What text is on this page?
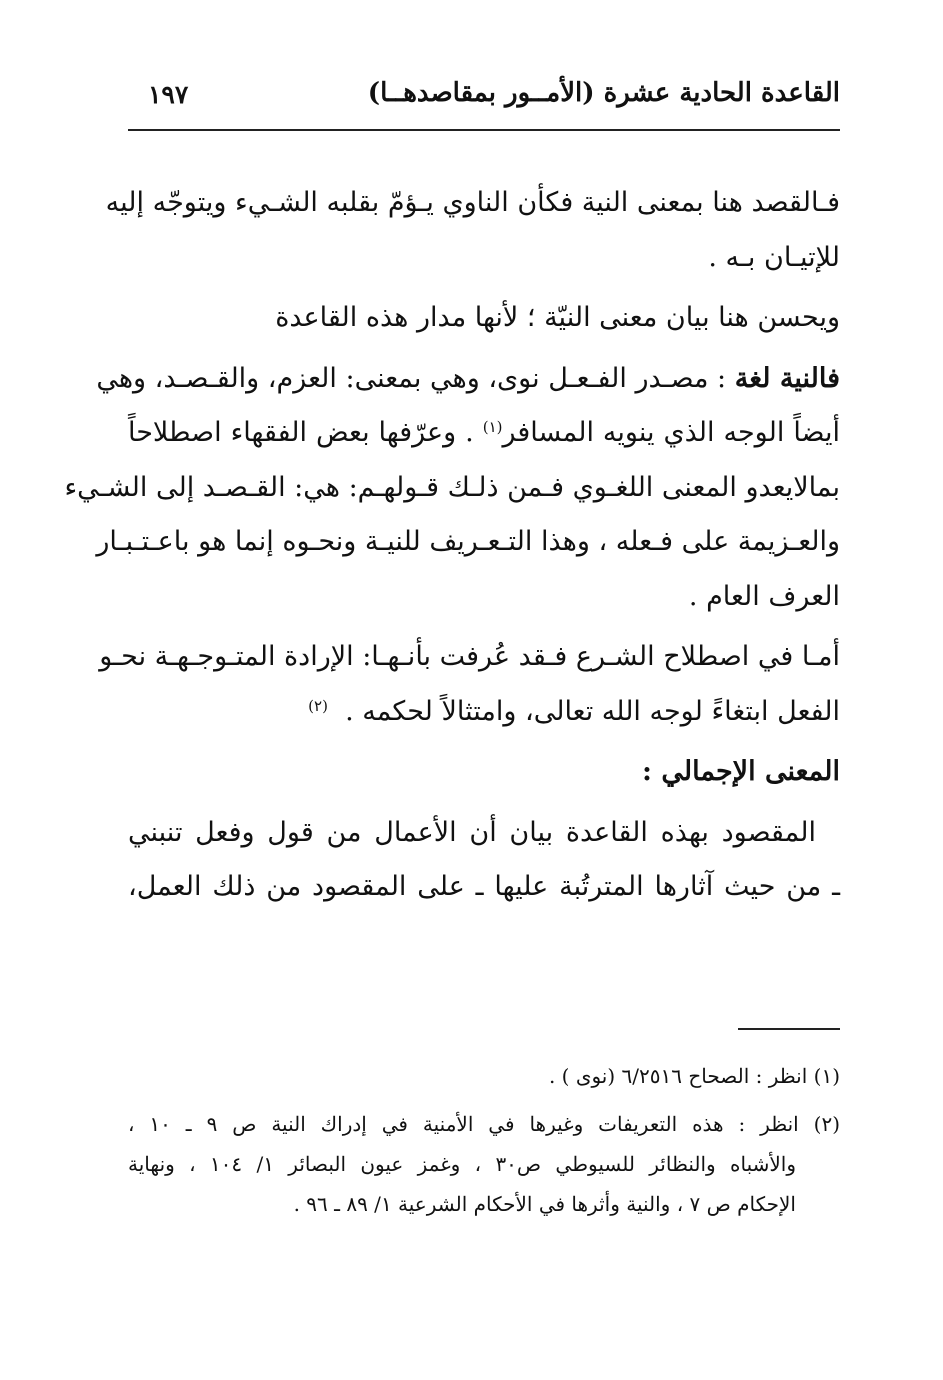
القاعدة الحادية عشرة (الأمــور بمقاصدهــا)
١٩٧
فـالقصد هنا بمعنى النية فكأن الناوي يـؤمّ بقلبه الشـيء ويتوجّه إليه
للإتيـان بـه .
ويحسن هنا بيان معنى النيّة ؛ لأنها مدار هذه القاعدة
فالنية لغة : مصـدر الفـعـل نوى، وهي بمعنى: العزم، والقـصـد، وهي
أيضاً الوجه الذي ينويه المسافر$^{(١)}$ . وعرّفها بعض الفقهاء اصطلاحاً
بمالايعدو المعنى اللغـوي فـمن ذلـك قـولهـم: هي: القـصـد إلى الشـيء
والعـزيمة على فـعله ، وهذا التـعـريف للنيـة ونحـوه إنما هو باعـتـبـار
العرف العام .
أمـا في اصطلاح الشـرع فـقد عُرفت بأنـهـا: الإرادة المتـوجـهـة نحـو
الفعل ابتغاءً لوجه الله تعالى، وامتثالاً لحكمه .  $^{(٢)}$
المعنى الإجمالي :
المقصود بهذه القاعدة بيان أن الأعمال من قول وفعل تنبني
ـ من حيث آثارها المترتُبة عليها ـ على المقصود من ذلك العمل،
(١) انظر : الصحاح ٦/٢٥١٦ (نوى ) .
(٢) انظر : هذه التعريفات وغيرها في الأمنية في إدراك النية ص ٩ ـ ١٠ ،
والأشباه والنظائر للسيوطي ص٣٠ ، وغمز عيون البصائر ١/ ١٠٤ ، ونهاية
الإحكام ص ٧ ، والنية وأثرها في الأحكام الشرعية ١/ ٨٩ ـ ٩٦ .
